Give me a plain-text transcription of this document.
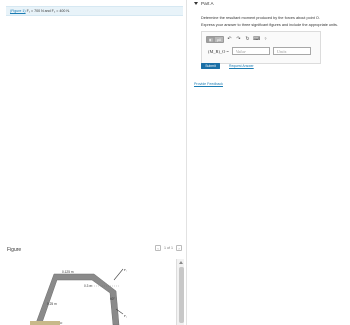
(Figure 1) F₁ = 700 N and F₂ = 400 N.
Figure	‹	1 of 1	›
0.125 m
0.3 m
0.25 m
60°
F₁
F₂
O
Part A
Determine the resultant moment produced by the forces about point O.
Express your answer to three significant figures and include the appropriate units.
▮▯	μA	↶ ↷ ↻ ⌨	?
(M_R)_O =	Value	Units
Submit	Request Answer
Provide Feedback
